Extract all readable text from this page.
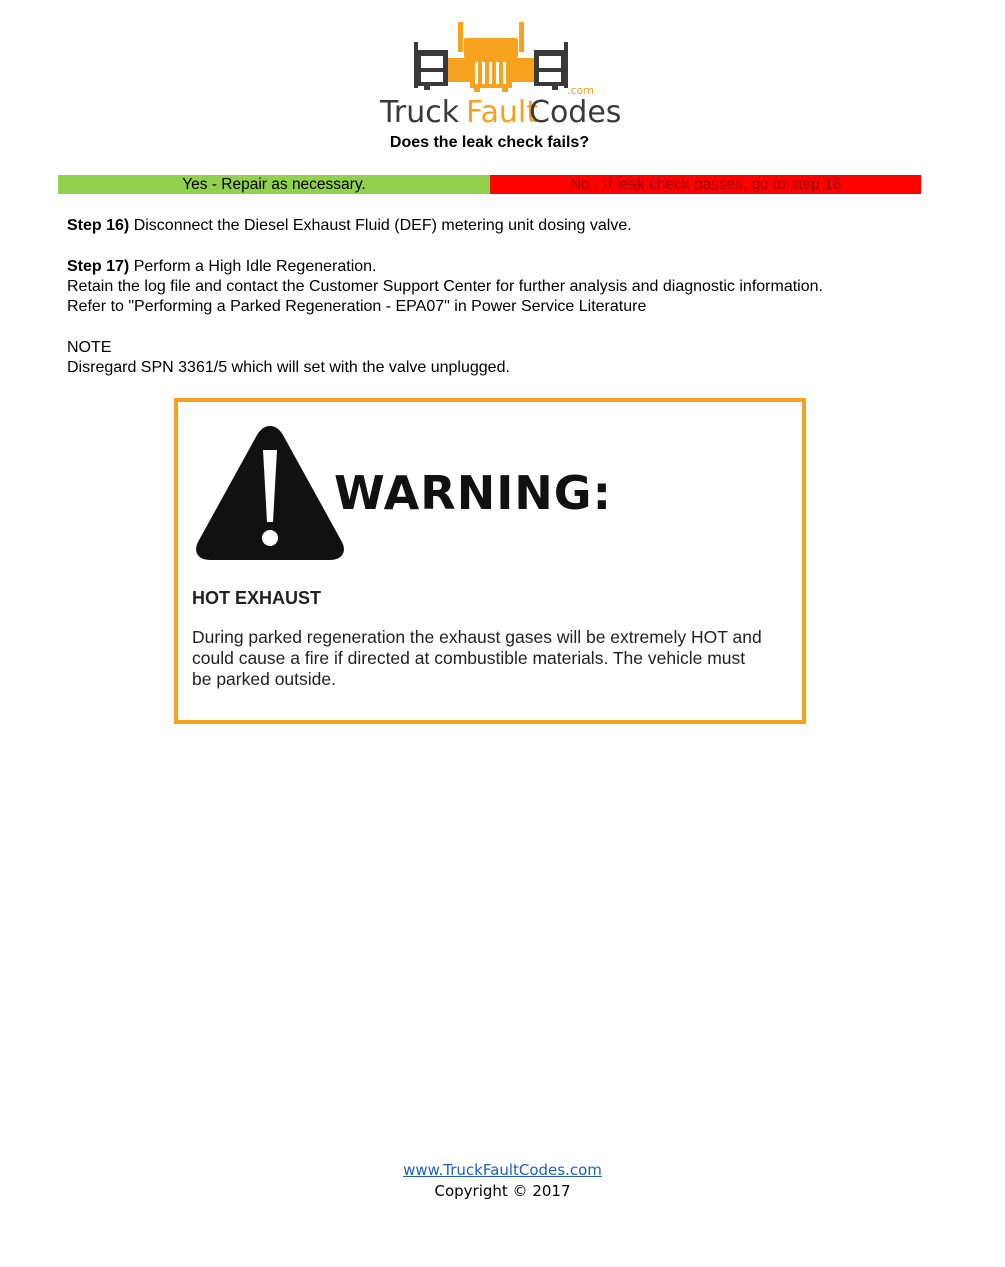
Truck Fault
Codes
.com
Does the leak check fails?
Yes - Repair as necessary.	No - If leak check passes, go to step 16

Step 16) Disconnect the Diesel Exhaust Fluid (DEF) metering unit dosing valve.

Step 17) Perform a High Idle Regeneration.

Retain the log file and contact the Customer Support Center for further analysis and diagnostic information.

Refer to "Performing a Parked Regeneration - EPA07" in Power Service Literature

NOTE

Disregard SPN 3361/5 which will set with the valve unplugged.

WARNING:
HOT EXHAUST
During parked regeneration the exhaust gases will be extremely HOT and
could cause a fire if directed at combustible materials. The vehicle must
be parked outside.
www.TruckFaultCodes.com
Copyright © 2017
